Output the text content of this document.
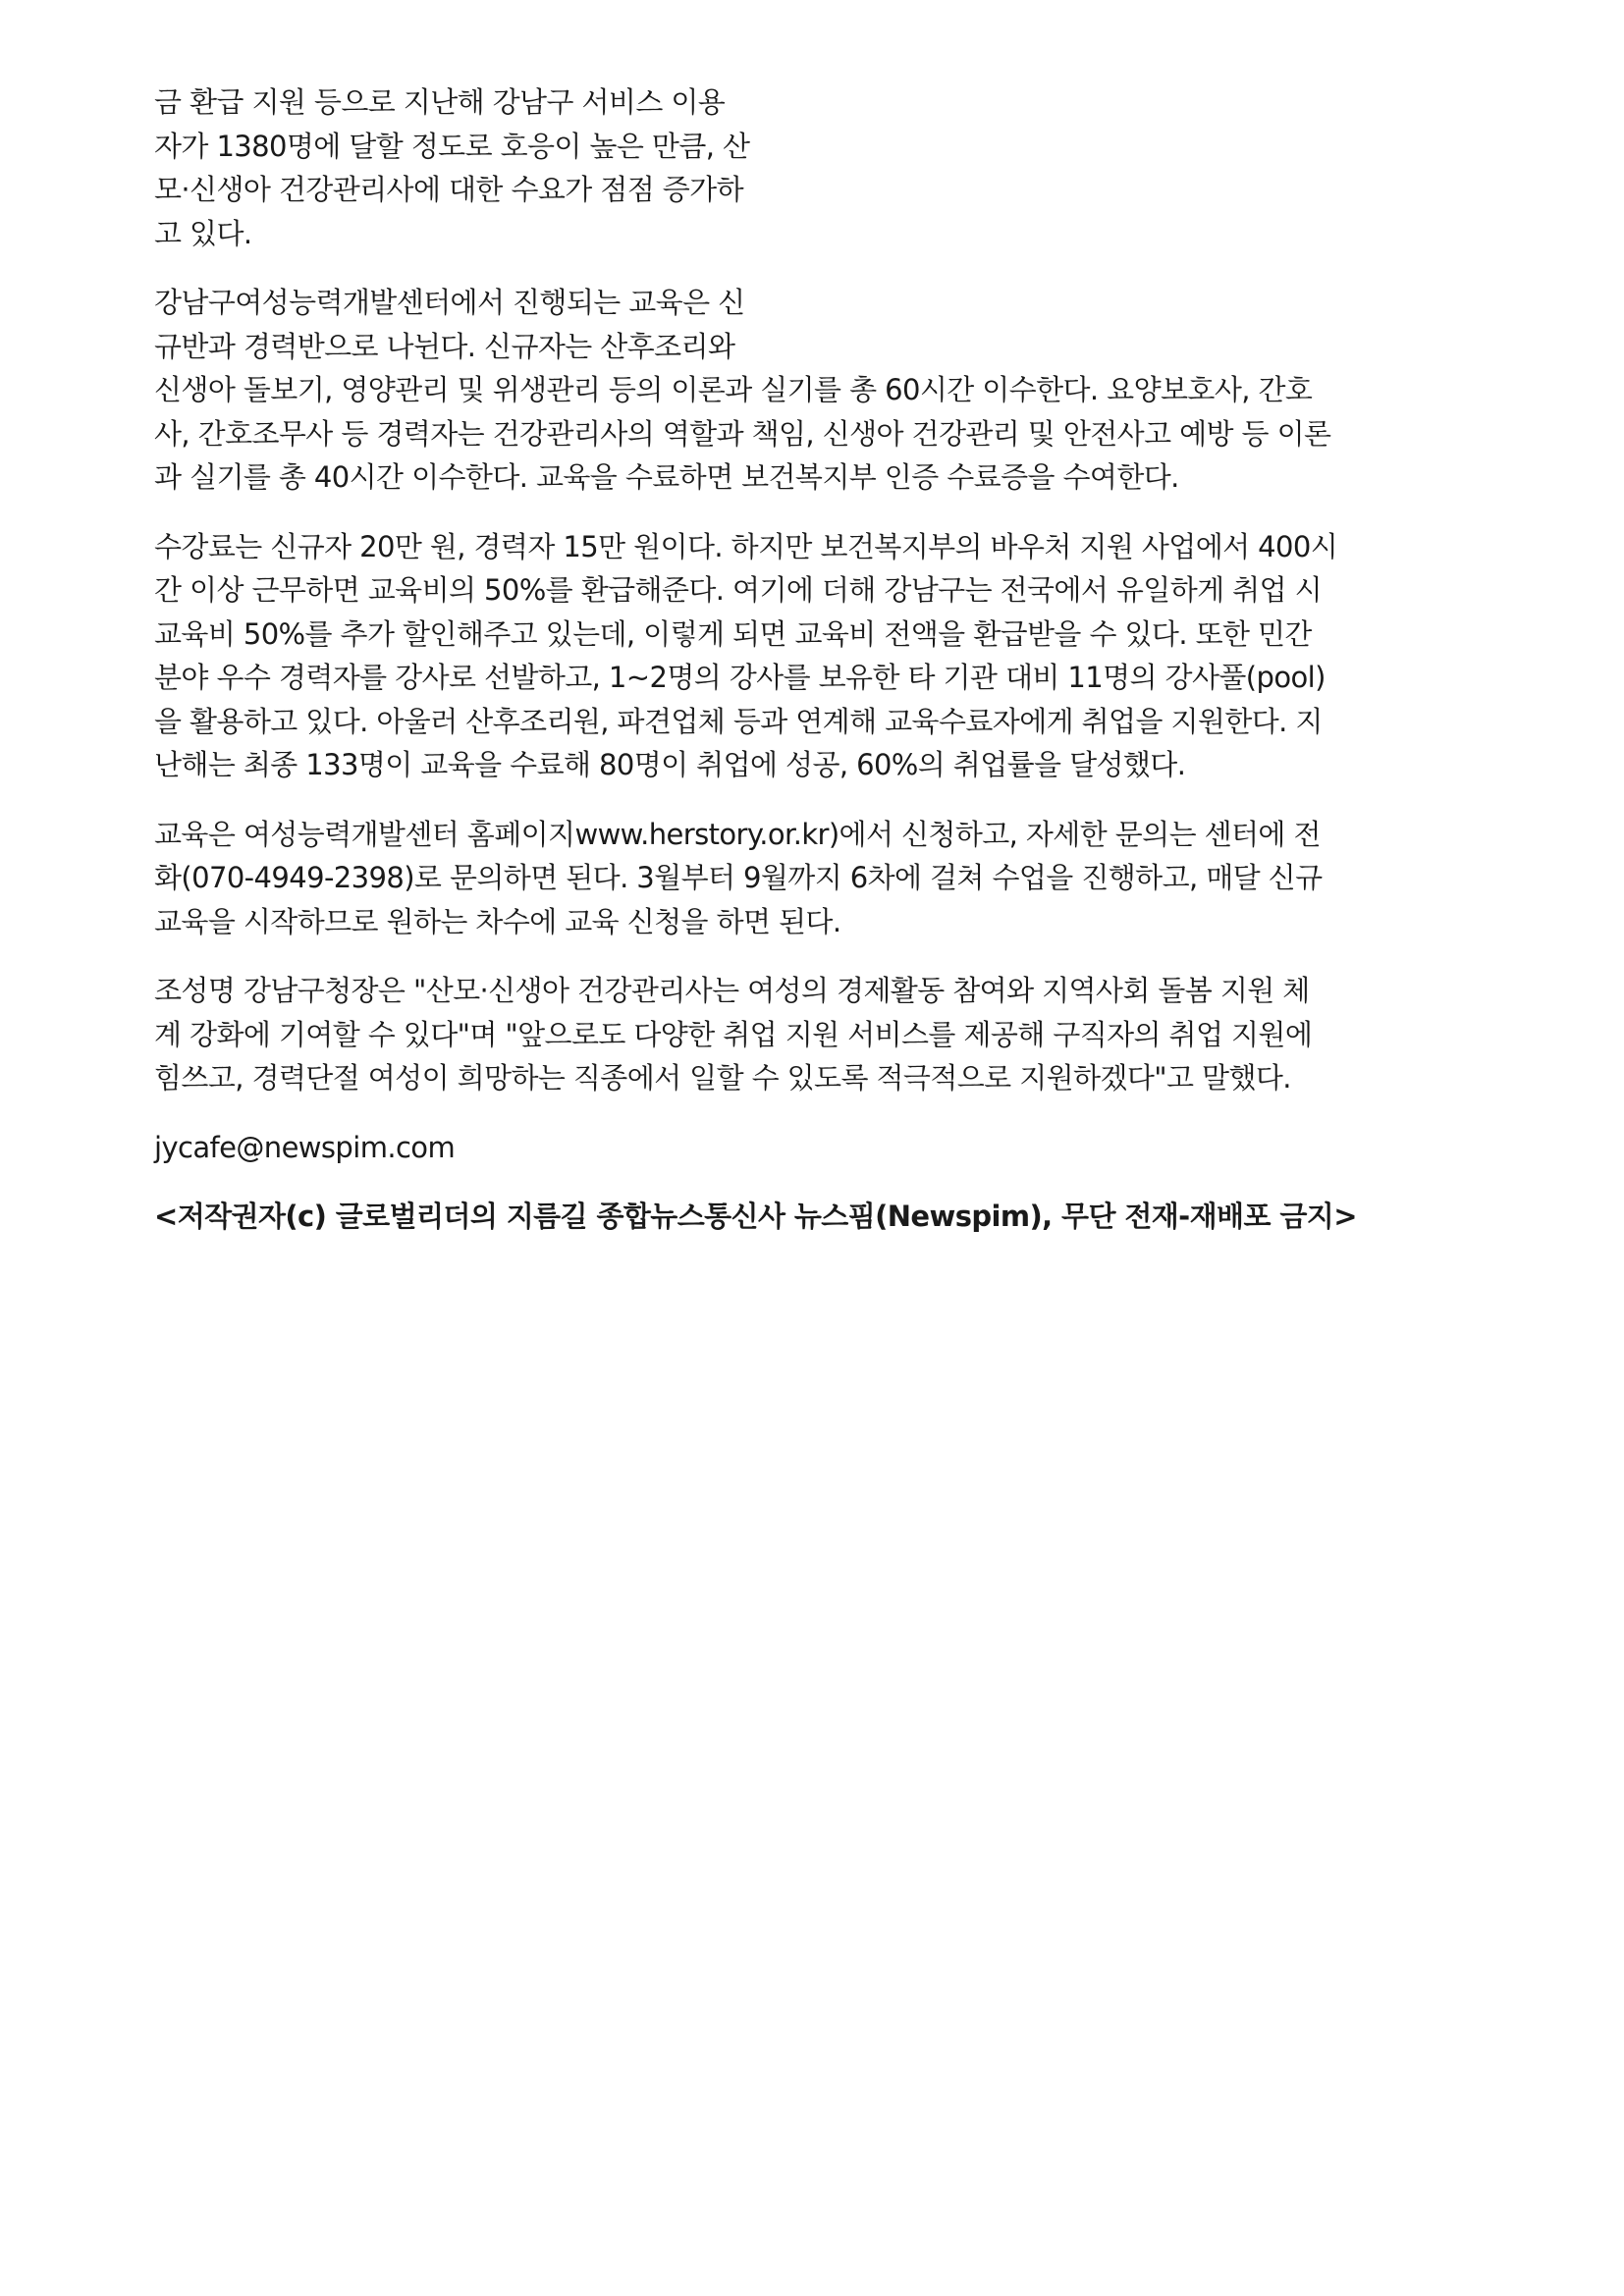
금 환급 지원 등으로 지난해 강남구 서비스 이용
자가 1380명에 달할 정도로 호응이 높은 만큼, 산
모·신생아 건강관리사에 대한 수요가 점점 증가하
고 있다.

강남구여성능력개발센터에서 진행되는 교육은 신
규반과 경력반으로 나뉜다. 신규자는 산후조리와
신생아 돌보기, 영양관리 및 위생관리 등의 이론과 실기를 총 60시간 이수한다. 요양보호사, 간호
사, 간호조무사 등 경력자는 건강관리사의 역할과 책임, 신생아 건강관리 및 안전사고 예방 등 이론
과 실기를 총 40시간 이수한다. 교육을 수료하면 보건복지부 인증 수료증을 수여한다.

수강료는 신규자 20만 원, 경력자 15만 원이다. 하지만 보건복지부의 바우처 지원 사업에서 400시
간 이상 근무하면 교육비의 50%를 환급해준다. 여기에 더해 강남구는 전국에서 유일하게 취업 시
교육비 50%를 추가 할인해주고 있는데, 이렇게 되면 교육비 전액을 환급받을 수 있다. 또한 민간
분야 우수 경력자를 강사로 선발하고, 1~2명의 강사를 보유한 타 기관 대비 11명의 강사풀(pool)
을 활용하고 있다. 아울러 산후조리원, 파견업체 등과 연계해 교육수료자에게 취업을 지원한다. 지
난해는 최종 133명이 교육을 수료해 80명이 취업에 성공, 60%의 취업률을 달성했다.

교육은 여성능력개발센터 홈페이지www.herstory.or.kr)에서 신청하고, 자세한 문의는 센터에 전
화(070-4949-2398)로 문의하면 된다. 3월부터 9월까지 6차에 걸쳐 수업을 진행하고, 매달 신규
교육을 시작하므로 원하는 차수에 교육 신청을 하면 된다.

조성명 강남구청장은 "산모·신생아 건강관리사는 여성의 경제활동 참여와 지역사회 돌봄 지원 체
계 강화에 기여할 수 있다"며 "앞으로도 다양한 취업 지원 서비스를 제공해 구직자의 취업 지원에
힘쓰고, 경력단절 여성이 희망하는 직종에서 일할 수 있도록 적극적으로 지원하겠다"고 말했다.

jycafe@newspim.com

<저작권자(c) 글로벌리더의 지름길 종합뉴스통신사 뉴스핌(Newspim), 무단 전재-재배포 금지>
